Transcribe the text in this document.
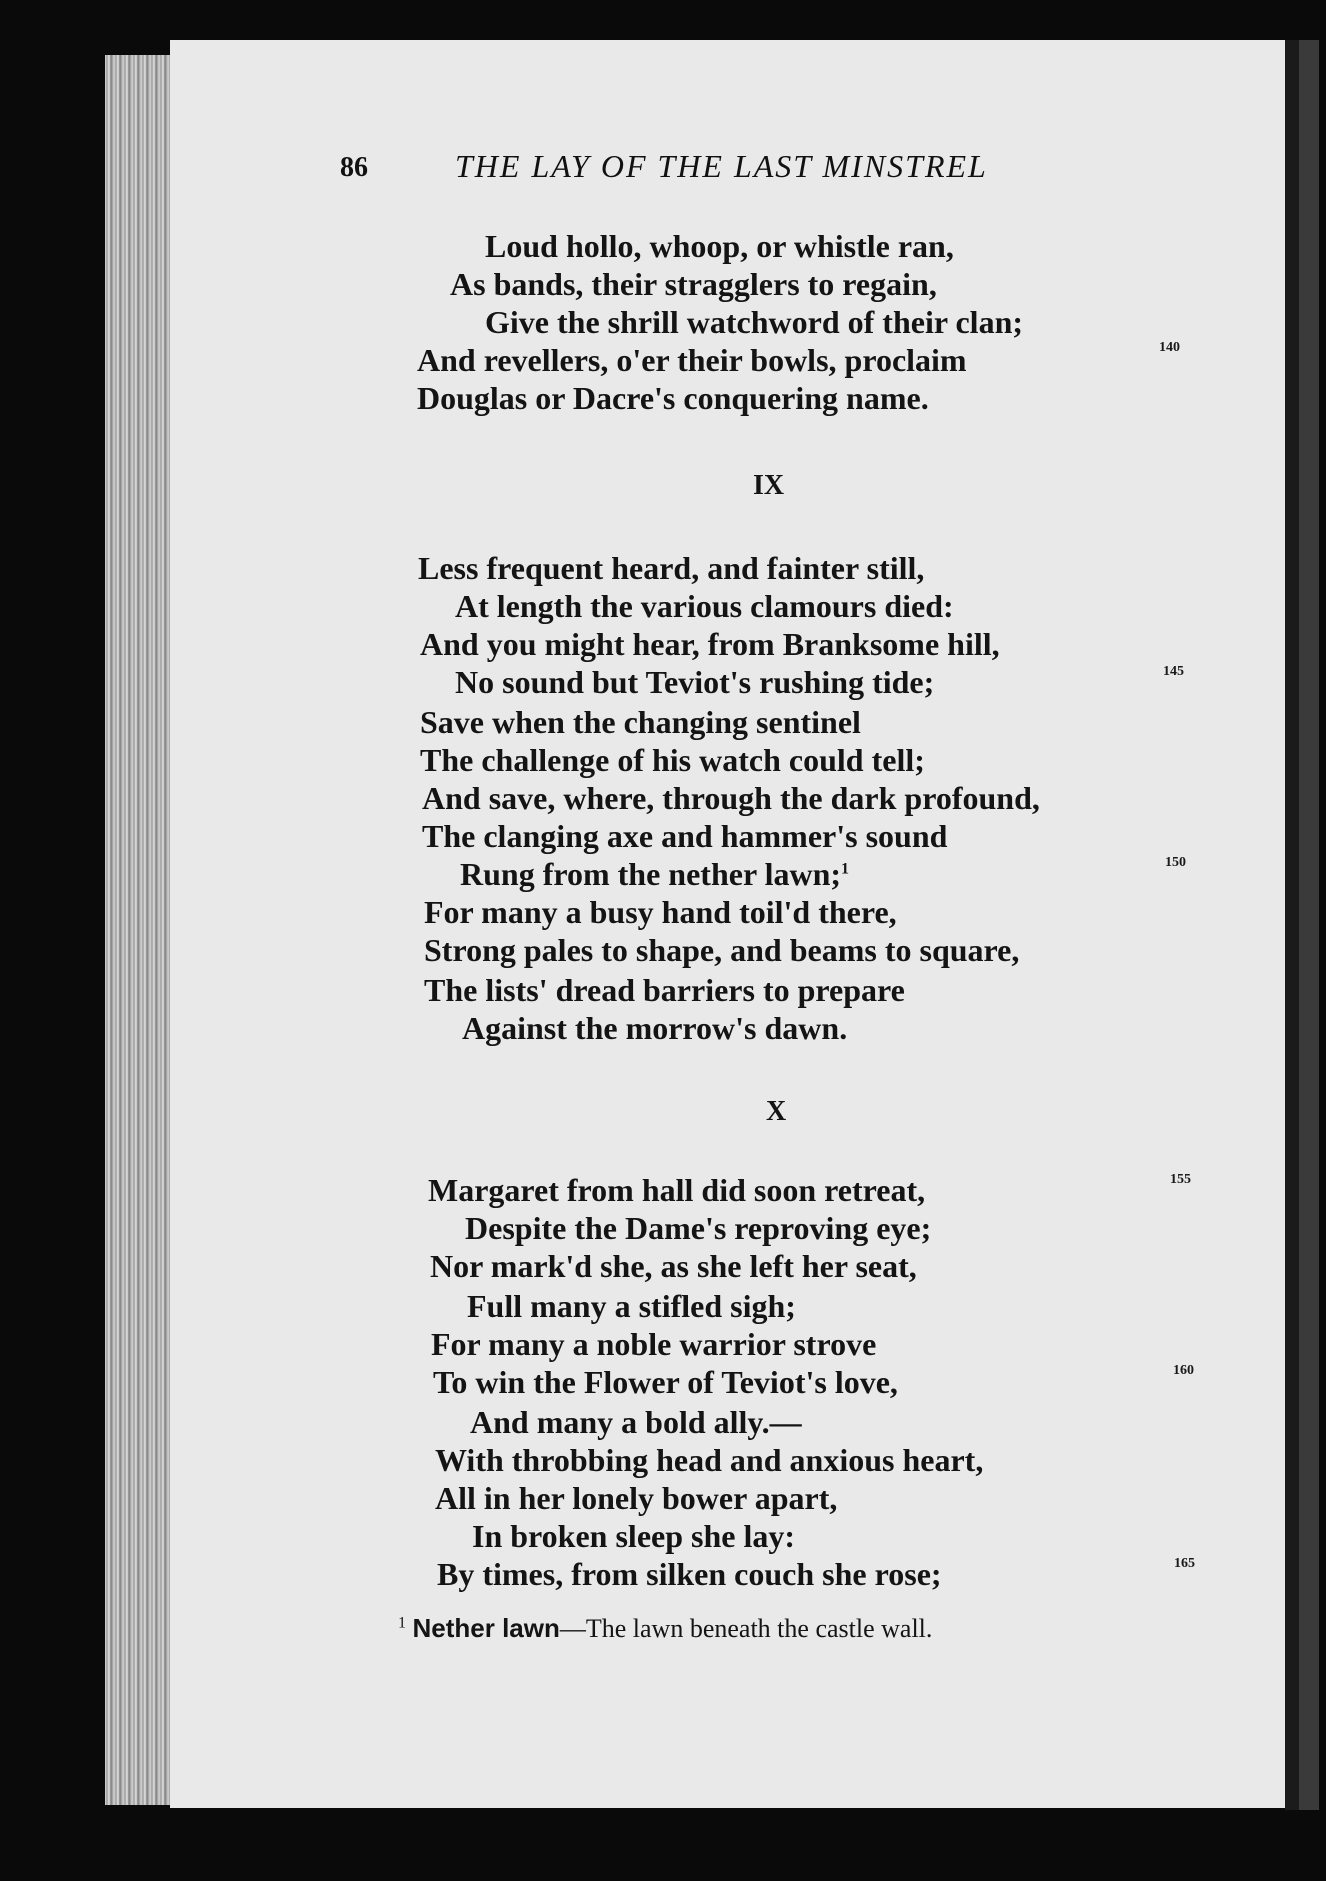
86	THE LAY OF THE LAST MINSTREL
Loud hollo, whoop, or whistle ran,
As bands, their stragglers to regain,
Give the shrill watchword of their clan;
And revellers, o'er their bowls, proclaim
Douglas or Dacre's conquering name.
IX
Less frequent heard, and fainter still,
At length the various clamours died:
And you might hear, from Branksome hill,
No sound but Teviot's rushing tide;
Save when the changing sentinel
The challenge of his watch could tell;
And save, where, through the dark profound,
The clanging axe and hammer's sound
Rung from the nether lawn;$^1$
For many a busy hand toil'd there,
Strong pales to shape, and beams to square,
The lists' dread barriers to prepare
Against the morrow's dawn.
X
Margaret from hall did soon retreat,
Despite the Dame's reproving eye;
Nor mark'd she, as she left her seat,
Full many a stifled sigh;
For many a noble warrior strove
To win the Flower of Teviot's love,
And many a bold ally.—
With throbbing head and anxious heart,
All in her lonely bower apart,
In broken sleep she lay:
By times, from silken couch she rose;
140
145
150
155
160
165
$^1$ Nether lawn—The lawn beneath the castle wall.
